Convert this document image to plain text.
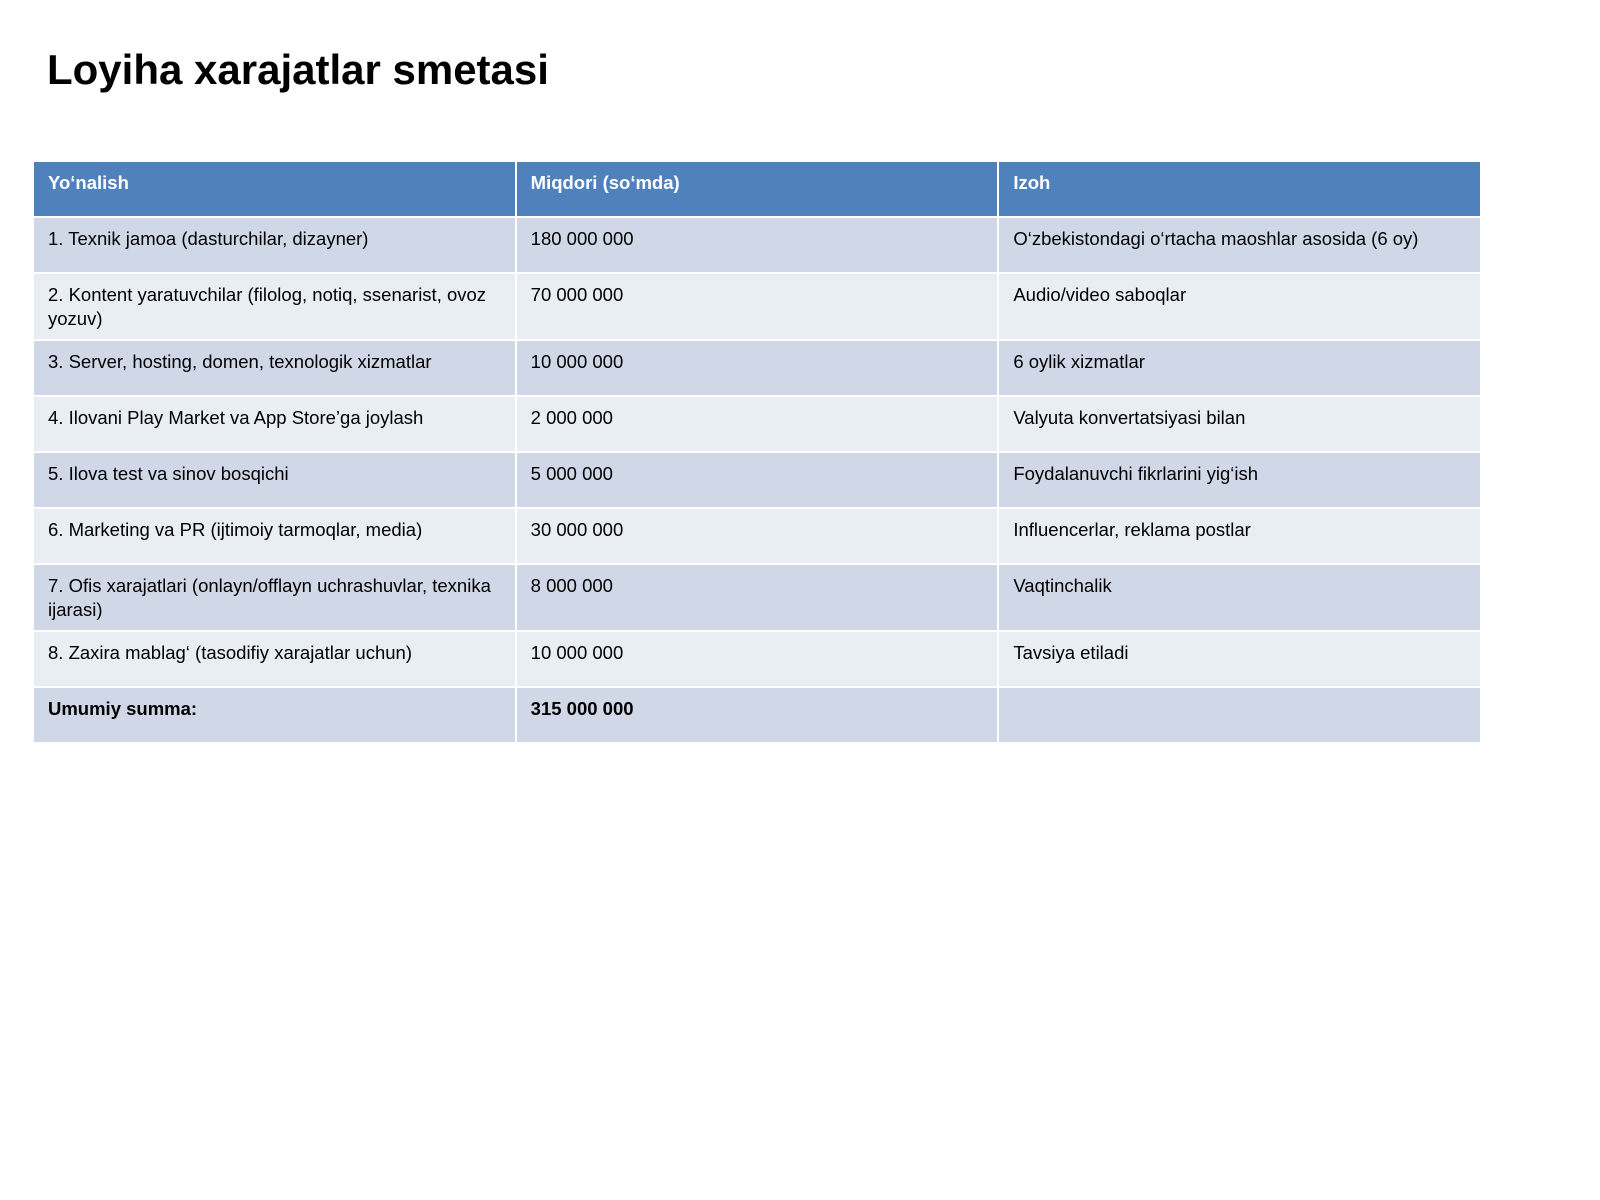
Loyiha xarajatlar smetasi
Yo‘nalish	Miqdori (so‘mda)	Izoh
1. Texnik jamoa (dasturchilar, dizayner)	180 000 000	O‘zbekistondagi o‘rtacha maoshlar asosida (6 oy)
2. Kontent yaratuvchilar (filolog, notiq, ssenarist, ovoz yozuv)	70 000 000	Audio/video saboqlar
3. Server, hosting, domen, texnologik xizmatlar	10 000 000	6 oylik xizmatlar
4. Ilovani Play Market va App Store’ga joylash	2 000 000	Valyuta konvertatsiyasi bilan
5. Ilova test va sinov bosqichi	5 000 000	Foydalanuvchi fikrlarini yig‘ish
6. Marketing va PR (ijtimoiy tarmoqlar, media)	30 000 000	Influencerlar, reklama postlar
7. Ofis xarajatlari (onlayn/offlayn uchrashuvlar, texnika ijarasi)	8 000 000	Vaqtinchalik
8. Zaxira mablag‘ (tasodifiy xarajatlar uchun)	10 000 000	Tavsiya etiladi
Umumiy summa:	315 000 000	
